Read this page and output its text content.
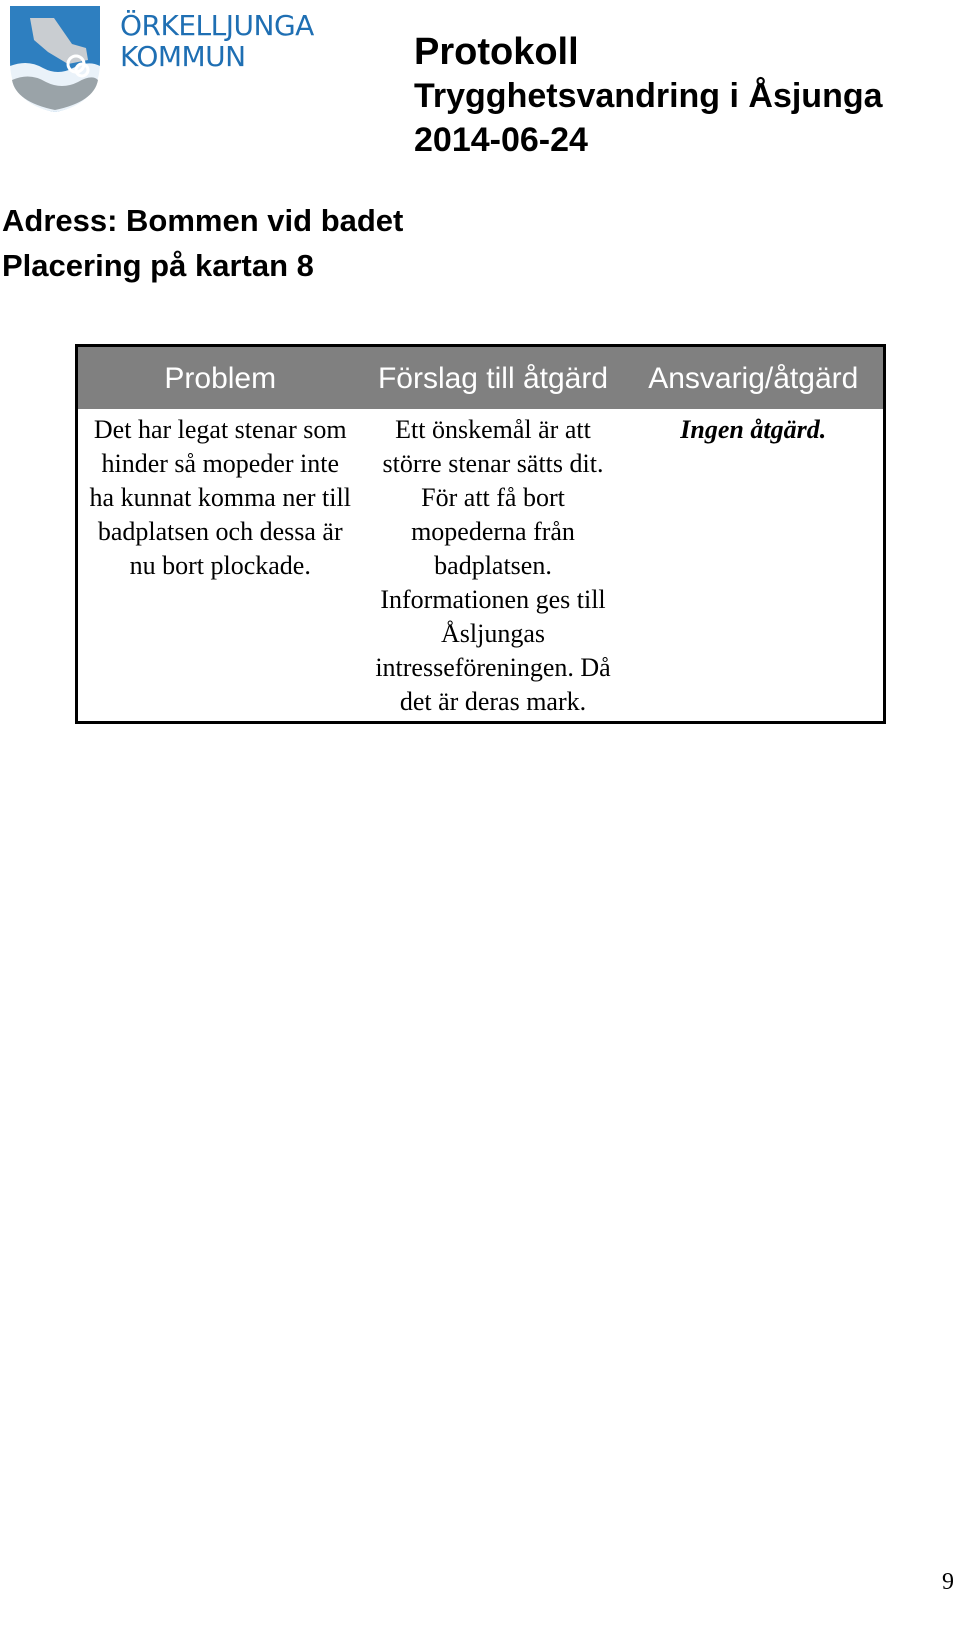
ÖRKELLJUNGA
KOMMUN	Protokoll
Trygghetsvandring i Åsjunga
2014-06-24
Adress: Bommen vid badet
Placering på kartan 8
Problem	Förslag till åtgärd	Ansvarig/åtgärd
Det har legat stenar som hinder så mopeder inte ha kunnat komma ner till badplatsen och dessa är nu bort plockade.	Ett önskemål är att större stenar sätts dit. För att få bort mopederna från badplatsen. Informationen ges till Åsljungas intresseföreningen. Då det är deras mark.	Ingen åtgärd.
9
